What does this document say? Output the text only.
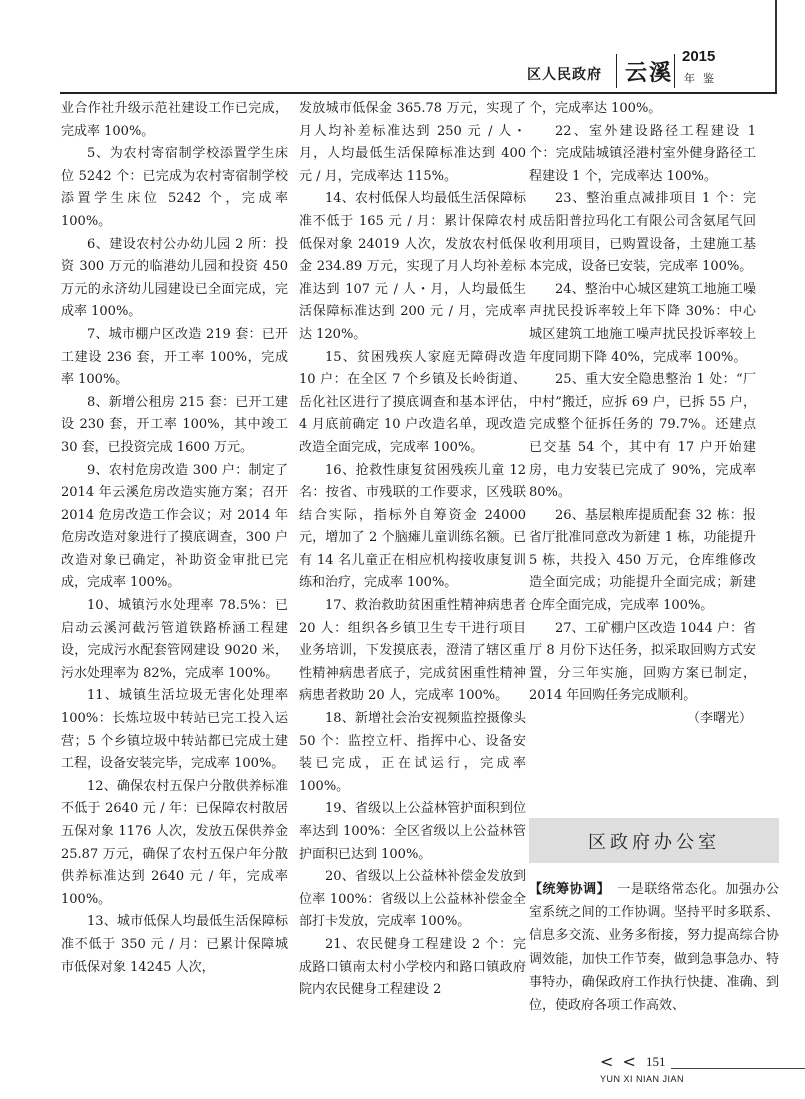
区人民政府 云溪
2015
年鉴

业合作社升级示范社建设工作已完成，完成率 100%。

5、为农村寄宿制学校添置学生床位 5242 个：已完成为农村寄宿制学校添置学生床位 5242 个，完成率 100%。

6、建设农村公办幼儿园 2 所：投资 300 万元的临港幼儿园和投资 450 万元的永济幼儿园建设已全面完成，完成率 100%。

7、城市棚户区改造 219 套：已开工建设 236 套，开工率 100%，完成率 100%。

8、新增公租房 215 套：已开工建设 230 套，开工率 100%，其中竣工 30 套，已投资完成 1600 万元。

9、农村危房改造 300 户：制定了 2014 年云溪危房改造实施方案；召开 2014 危房改造工作会议；对 2014 年危房改造对象进行了摸底调查，300 户改造对象已确定，补助资金审批已完成，完成率 100%。

10、城镇污水处理率 78.5%：已启动云溪河截污管道铁路桥涵工程建设，完成污水配套管网建设 9020 米，污水处理率为 82%，完成率 100%。

11、城镇生活垃圾无害化处理率 100%：长炼垃圾中转站已完工投入运营；5 个乡镇垃圾中转站都已完成土建工程，设备安装完毕，完成率 100%。

12、确保农村五保户分散供养标准不低于 2640 元 / 年：已保障农村散居五保对象 1176 人次，发放五保供养金 25.87 万元，确保了农村五保户年分散供养标准达到 2640 元 / 年，完成率 100%。

13、城市低保人均最低生活保障标准不低于 350 元 / 月：已累计保障城市低保对象 14245 人次，

发放城市低保金 365.78 万元，实现了月人均补差标准达到 250 元 / 人・月，人均最低生活保障标准达到 400 元 / 月，完成率达 115%。

14、农村低保人均最低生活保障标准不低于 165 元 / 月：累计保障农村低保对象 24019 人次，发放农村低保金 234.89 万元，实现了月人均补差标准达到 107 元 / 人・月，人均最低生活保障标准达到 200 元 / 月，完成率达 120%。

15、贫困残疾人家庭无障碍改造 10 户：在全区 7 个乡镇及长岭街道、岳化社区进行了摸底调查和基本评估，4 月底前确定 10 户改造名单，现改造改造全面完成，完成率 100%。

16、抢救性康复贫困残疾儿童 12 名：按省、市残联的工作要求，区残联结合实际，指标外自筹资金 24000 元，增加了 2 个脑瘫儿童训练名额。已有 14 名儿童正在相应机构接收康复训练和治疗，完成率 100%。

17、救治救助贫困重性精神病患者 20 人：组织各乡镇卫生专干进行项目业务培训，下发摸底表，澄清了辖区重性精神病患者底子，完成贫困重性精神病患者救助 20 人，完成率 100%。

18、新增社会治安视频监控摄像头 50 个：监控立杆、指挥中心、设备安装已完成，正在试运行，完成率 100%。

19、省级以上公益林管护面积到位率达到 100%：全区省级以上公益林管护面积已达到 100%。

20、省级以上公益林补偿金发放到位率 100%：省级以上公益林补偿金全部打卡发放，完成率 100%。

21、农民健身工程建设 2 个：完成路口镇南太村小学校内和路口镇政府院内农民健身工程建设 2

个，完成率达 100%。

22、室外建设路径工程建设 1 个：完成陆城镇泾港村室外健身路径工程建设 1 个，完成率达 100%。

23、整治重点减排项目 1 个：完成岳阳普拉玛化工有限公司含氨尾气回收利用项目，已购置设备，土建施工基本完成，设备已安装，完成率 100%。

24、整治中心城区建筑工地施工噪声扰民投诉率较上年下降 30%：中心城区建筑工地施工噪声扰民投诉率较上年度同期下降 40%，完成率 100%。

25、重大安全隐患整治 1 处：“厂中村”搬迁，应拆 69 户，已拆 55 户，完成整个征拆任务的 79.7%。还建点已交基 54 个，其中有 17 户开始建房，电力安装已完成了 90%，完成率 80%。

26、基层粮库提质配套 32 栋：报省厅批准同意改为新建 1 栋，功能提升 5 栋，共投入 450 万元，仓库维修改造全面完成；功能提升全面完成；新建仓库全面完成，完成率 100%。

27、工矿棚户区改造 1044 户：省厅 8 月份下达任务，拟采取回购方式安置，分三年实施，回购方案已制定，2014 年回购任务完成顺利。

（李曙光）

区政府办公室

【统筹协调】　 一是联络常态化。加强办公室系统之间的工作协调。坚持平时多联系、信息多交流、业务多衔接，努力提高综合协调效能，加快工作节奏，做到急事急办、特事特办，确保政府工作执行快捷、准确、到位，使政府各项工作高效、

< < 151
YUN XI NIAN JIAN
